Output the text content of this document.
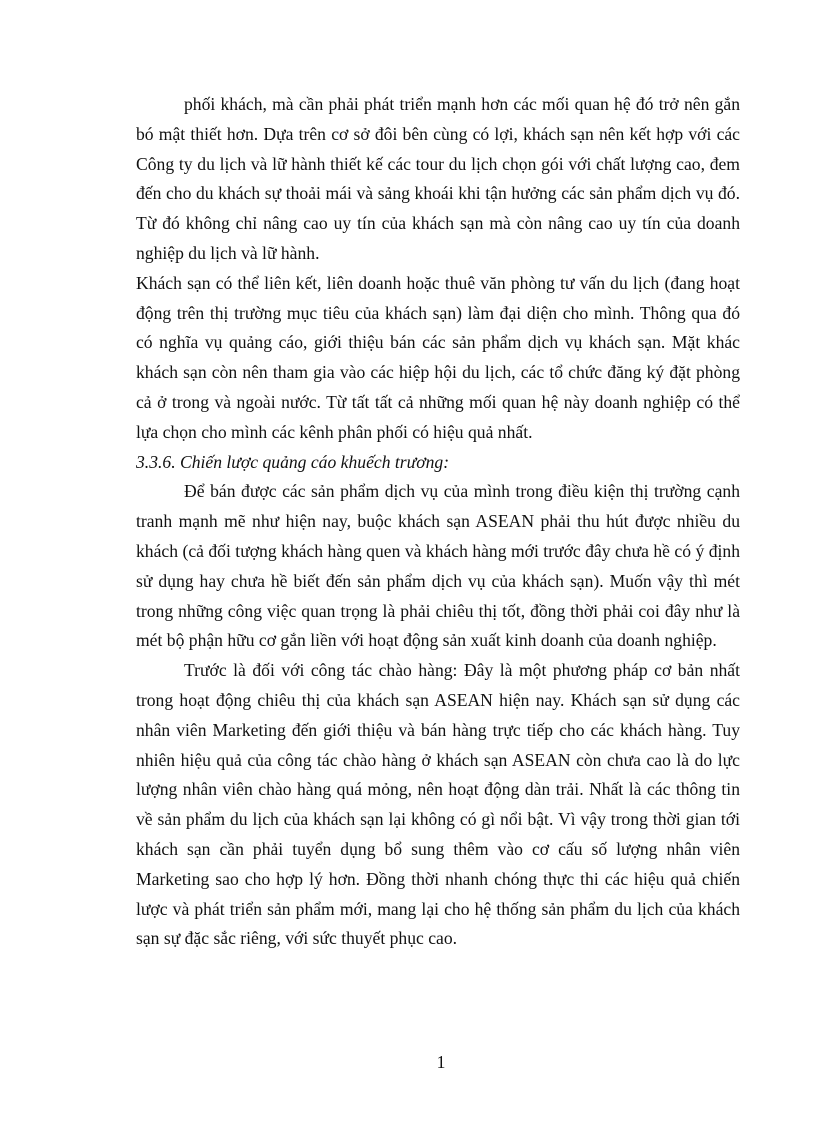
phối khách, mà cần phải phát triển mạnh hơn các mối quan hệ đó trở nên gắn bó mật thiết hơn. Dựa trên cơ sở đôi bên cùng có lợi, khách sạn nên kết hợp với các Công ty du lịch và lữ hành thiết kế các tour du lịch chọn gói với chất lượng cao, đem đến cho du khách sự thoải mái và sảng khoái khi tận hưởng các sản phẩm dịch vụ đó. Từ đó không chỉ nâng cao uy tín của khách sạn mà còn nâng cao uy tín của doanh nghiệp du lịch và lữ hành.

Khách sạn có thể liên kết, liên doanh hoặc thuê văn phòng tư vấn du lịch (đang hoạt động trên thị trường mục tiêu của khách sạn) làm đại diện cho mình. Thông qua đó có nghĩa vụ quảng cáo, giới thiệu bán các sản phẩm dịch vụ khách sạn. Mặt khác khách sạn còn nên tham gia vào các hiệp hội du lịch, các tổ chức đăng ký đặt phòng cả ở trong và ngoài nước. Từ tất tất cả những mối quan hệ này doanh nghiệp có thể lựa chọn cho mình các kênh phân phối có hiệu quả nhất.

3.3.6. Chiến lược quảng cáo khuếch trương:

Để bán được các sản phẩm dịch vụ của mình trong điều kiện thị trường cạnh tranh mạnh mẽ như hiện nay, buộc khách sạn ASEAN phải thu hút được nhiều du khách (cả đối tượng khách hàng quen và khách hàng mới trước đây chưa hề có ý định sử dụng hay chưa hề biết đến sản phẩm dịch vụ của khách sạn). Muốn vậy thì mét trong những công việc quan trọng là phải chiêu thị tốt, đồng thời phải coi đây như là mét bộ phận hữu cơ gắn liền với hoạt động sản xuất kinh doanh của doanh nghiệp.

Trước là đối với công tác chào hàng: Đây là một phương pháp cơ bản nhất trong hoạt động chiêu thị của khách sạn ASEAN hiện nay. Khách sạn sử dụng các nhân viên Marketing đến giới thiệu và bán hàng trực tiếp cho các khách hàng. Tuy nhiên hiệu quả của công tác chào hàng ở khách sạn ASEAN còn chưa cao là do lực lượng nhân viên chào hàng quá mỏng, nên hoạt động dàn trải. Nhất là các thông tin về sản phẩm du lịch của khách sạn lại không có gì nổi bật. Vì vậy trong thời gian tới khách sạn cần phải tuyển dụng bổ sung thêm vào cơ cấu số lượng nhân viên Marketing sao cho hợp lý hơn. Đồng thời nhanh chóng thực thi các hiệu quả chiến lược và phát triển sản phẩm mới, mang lại cho hệ thống sản phẩm du lịch của khách sạn sự đặc sắc riêng, với sức thuyết phục cao.

1
